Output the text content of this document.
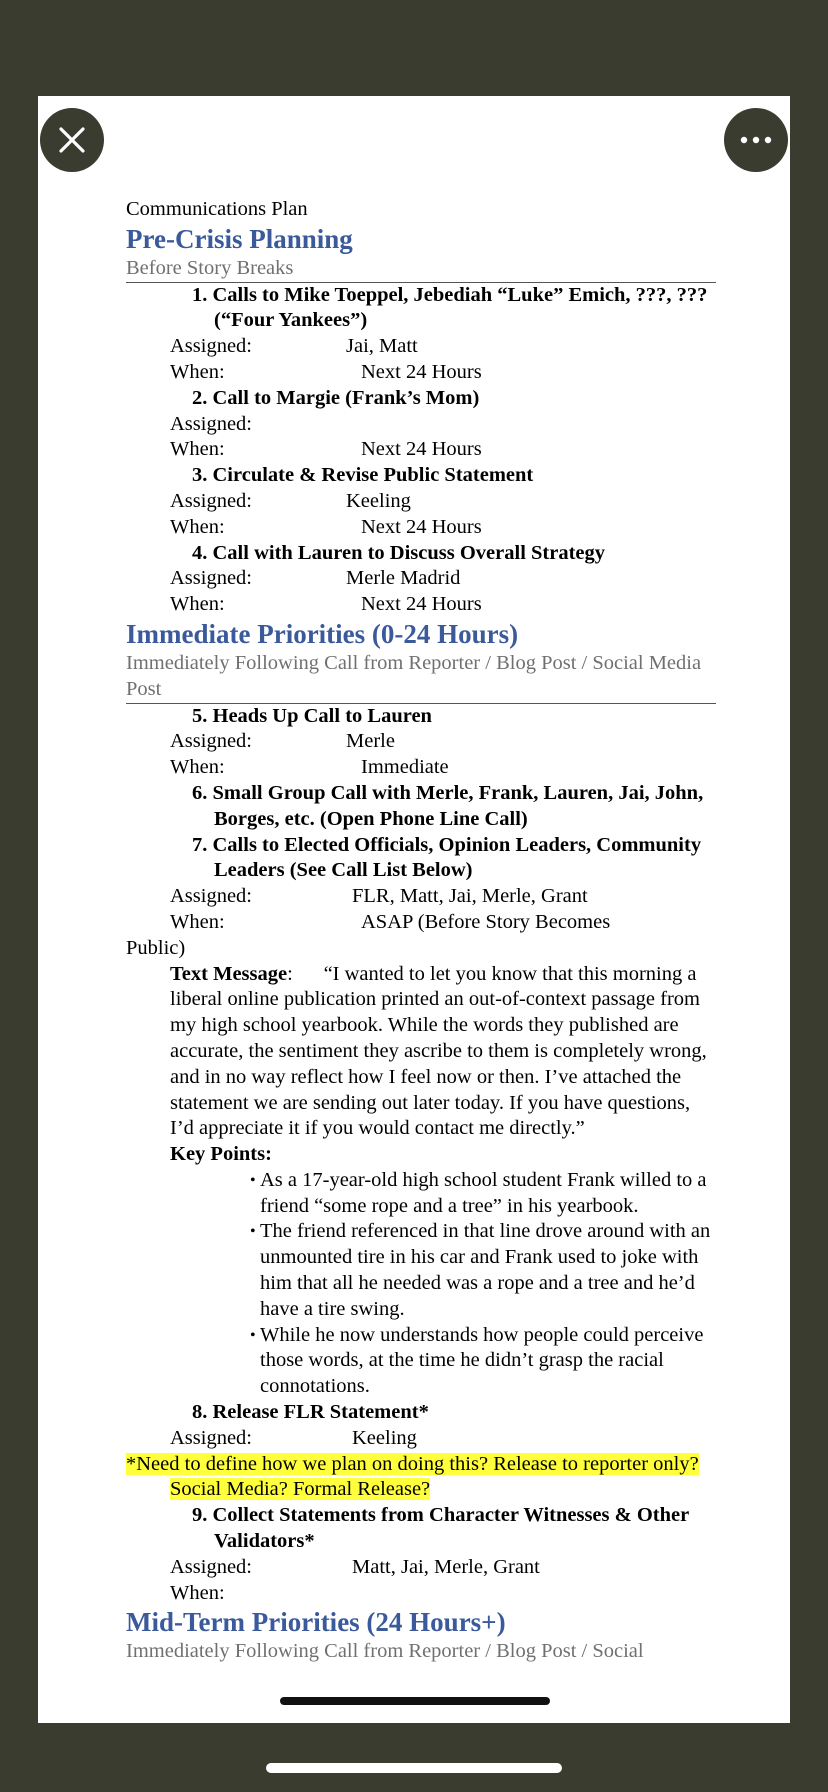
Communications Plan

Pre-Crisis Planning

Before Story Breaks

1. Calls to Mike Toeppel, Jebediah “Luke” Emich, ???, ??? (“Four Yankees”)

Assigned:	Jai, Matt
When:	Next 24 Hours

2. Call to Margie (Frank’s Mom)

Assigned:
When:	Next 24 Hours

3. Circulate & Revise Public Statement

Assigned:	Keeling
When:	Next 24 Hours

4. Call with Lauren to Discuss Overall Strategy

Assigned:	Merle Madrid
When:	Next 24 Hours

Immediate Priorities (0-24 Hours)

Immediately Following Call from Reporter / Blog Post / Social Media Post

5. Heads Up Call to Lauren

Assigned:	Merle
When:	Immediate

6. Small Group Call with Merle, Frank, Lauren, Jai, John, Borges, etc. (Open Phone Line Call)

7. Calls to Elected Officials, Opinion Leaders, Community Leaders (See Call List Below)

Assigned:	FLR, Matt, Jai, Merle, Grant
When:	ASAP (Before Story Becomes

Public)

Text Message: “I wanted to let you know that this morning a liberal online publication printed an out-of-context passage from my high school yearbook. While the words they published are accurate, the sentiment they ascribe to them is completely wrong, and in no way reflect how I feel now or then. I’ve attached the statement we are sending out later today. If you have questions, I’d appreciate it if you would contact me directly.”

Key Points:

• As a 17-year-old high school student Frank willed to a friend “some rope and a tree” in his yearbook.
• The friend referenced in that line drove around with an unmounted tire in his car and Frank used to joke with him that all he needed was a rope and a tree and he’d have a tire swing.
• While he now understands how people could perceive those words, at the time he didn’t grasp the racial connotations.

8. Release FLR Statement*

Assigned:	Keeling

*Need to define how we plan on doing this? Release to reporter only? Social Media? Formal Release?

9. Collect Statements from Character Witnesses & Other Validators*

Assigned:	Matt, Jai, Merle, Grant
When:

Mid-Term Priorities (24 Hours+)

Immediately Following Call from Reporter / Blog Post / Social
